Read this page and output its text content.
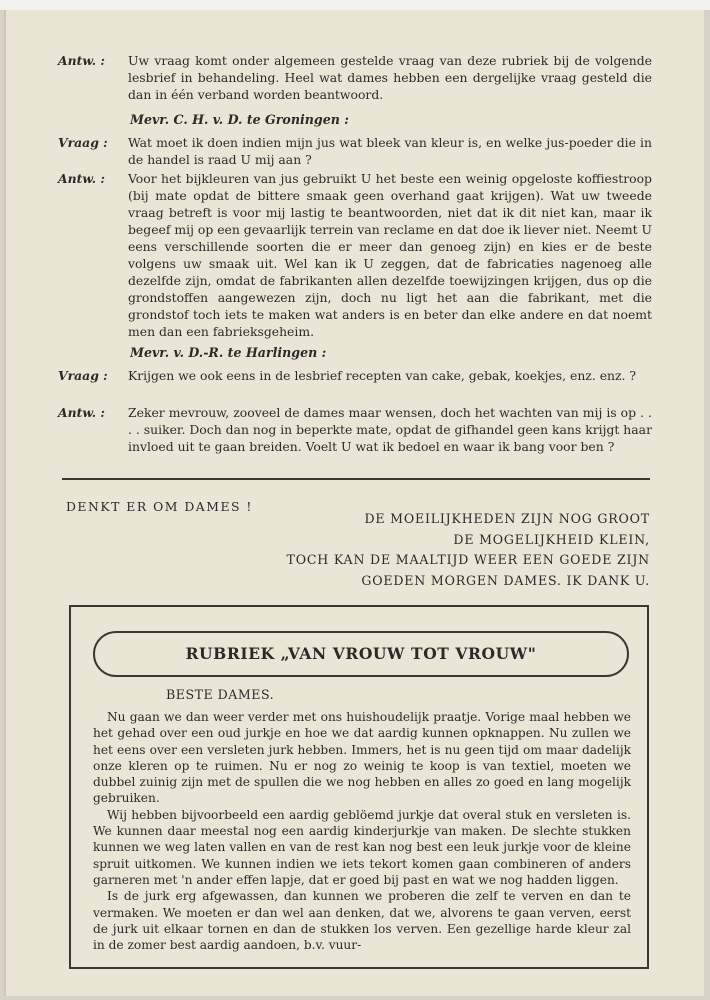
Antw. :	Uw vraag komt onder algemeen gestelde vraag van deze rubriek bij de volgende lesbrief in behandeling. Heel wat dames hebben een dergelijke vraag gesteld die dan in één verband worden beantwoord.
Mevr. C. H. v. D. te Groningen :
Vraag :	Wat moet ik doen indien mijn jus wat bleek van kleur is, en welke jus-poeder die in de handel is raad U mij aan ?
Antw. :	Voor het bijkleuren van jus gebruikt U het beste een weinig opgeloste koffiestroop (bij mate opdat de bittere smaak geen overhand gaat krijgen). Wat uw tweede vraag betreft is voor mij lastig te beantwoorden, niet dat ik dit niet kan, maar ik begeef mij op een gevaarlijk terrein van reclame en dat doe ik liever niet. Neemt U eens verschillende soorten die er meer dan genoeg zijn) en kies er de beste volgens uw smaak uit. Wel kan ik U zeggen, dat de fabricaties nagenoeg alle dezelfde zijn, omdat de fabrikanten allen dezelfde toewijzingen krijgen, dus op die grondstoffen aangewezen zijn, doch nu ligt het aan die fabrikant, met die grondstof toch iets te maken wat anders is en beter dan elke andere en dat noemt men dan een fabrieksgeheim.
Mevr. v. D.-R. te Harlingen :
Vraag :	Krijgen we ook eens in de lesbrief recepten van cake, gebak, koekjes, enz. enz. ?
Antw. :	Zeker mevrouw, zooveel de dames maar wensen, doch het wachten van mij is op . . . . suiker. Doch dan nog in beperkte mate, opdat de gifhandel geen kans krijgt haar invloed uit te gaan breiden. Voelt U wat ik bedoel en waar ik bang voor ben ?
DENKT ER OM DAMES !
DE MOEILIJKHEDEN ZIJN NOG GROOT
DE MOGELIJKHEID KLEIN,
TOCH KAN DE MAALTIJD WEER EEN GOEDE ZIJN
GOEDEN MORGEN DAMES. IK DANK U.
RUBRIEK „VAN VROUW TOT VROUW"
BESTE DAMES.

Nu gaan we dan weer verder met ons huishoudelijk praatje. Vorige maal hebben we het gehad over een oud jurkje en hoe we dat aardig kunnen opknappen. Nu zullen we het eens over een versleten jurk hebben. Immers, het is nu geen tijd om maar dadelijk onze kleren op te ruimen. Nu er nog zo weinig te koop is van textiel, moeten we dubbel zuinig zijn met de spullen die we nog hebben en alles zo goed en lang mogelijk gebruiken.

Wij hebben bijvoorbeeld een aardig geblöemd jurkje dat overal stuk en versleten is. We kunnen daar meestal nog een aardig kinderjurkje van maken. De slechte stukken kunnen we weg laten vallen en van de rest kan nog best een leuk jurkje voor de kleine spruit uitkomen. We kunnen indien we iets tekort komen gaan combineren of anders garneren met 'n ander effen lapje, dat er goed bij past en wat we nog hadden liggen.

Is de jurk erg afgewassen, dan kunnen we proberen die zelf te verven en dan te vermaken. We moeten er dan wel aan denken, dat we, alvorens te gaan verven, eerst de jurk uit elkaar tornen en dan de stukken los verven. Een gezellige harde kleur zal in de zomer best aardig aandoen, b.v. vuur-
